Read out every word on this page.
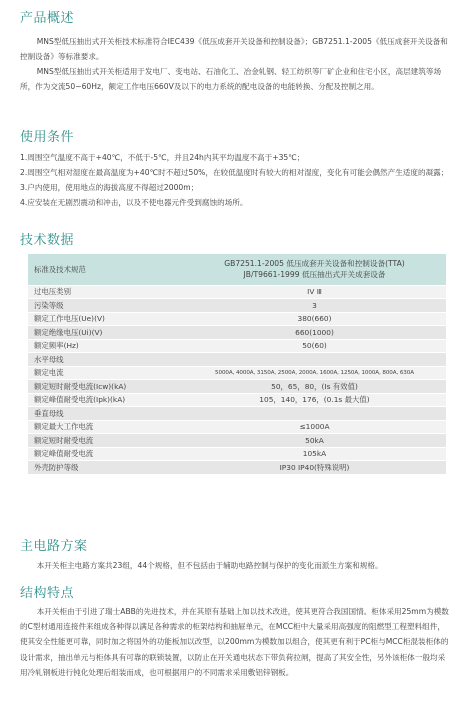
产品概述

MNS型低压抽出式开关柜技术标准符合IEC439《低压成套开关设备和控制设备》；GB7251.1-2005《低压成套开关设备和控制设备》等标准要求。

MNS型低压抽出式开关柜适用于发电厂、变电站、石油化工、冶金轧钢、轻工纺织等厂矿企业和住宅小区，高层建筑等场所，作为交流50~60Hz，额定工作电压660V及以下的电力系统的配电设备的电能转换、分配及控制之用。

使用条件

1.周围空气温度不高于+40℃，不低于-5℃，并且24h内其平均温度不高于+35℃；

2.周围空气相对湿度在最高温度为+40℃时不超过50%，在较低温度时有较大的相对湿度，变化有可能会偶然产生适度的凝露；

3.户内使用，使用地点的海拔高度不得超过2000m；

4.应安装在无剧烈震动和冲击，以及不使电器元件受到腐蚀的场所。

技术数据
标准及技术规范	GB7251.1-2005 低压成套开关设备和控制设备(TTA)
JB/T9661-1999 低压抽出式开关成套设备

过电压类别	IV Ⅲ
污染等级	3
额定工作电压(Ue)(V)	380(660)
额定绝缘电压(Ui)(V)	660(1000)
额定频率(Hz)	50(60)
水平母线	
额定电流	5000A, 4000A, 3150A, 2500A, 2000A, 1600A, 1250A, 1000A, 800A, 630A
额定短时耐受电流(Icw)(kA)	50，65，80，(Is 有效值)
额定峰值耐受电流(Ipk)(kA)	105，140，176，(0.1s 最大值)
垂直母线	
额定最大工作电流	≤1000A
额定短时耐受电流	50kA
额定峰值耐受电流	105kA
外壳防护等级	IP30 IP40(特殊说明)
主电路方案

本开关柜主电路方案共23组，44个规格，但不包括由于辅助电路控制与保护的变化而派生方案和规格。

结构特点

本开关柜由于引进了瑞士ABB的先进技术，并在其原有基础上加以技术改进，使其更符合我国国情。柜体采用25mm为模数的C型材通用连接件来组成各种得以满足各种需求的柜架结构和抽屉单元，在MCC柜中大量采用高强度的阻燃型工程塑料组件，使其安全性能更可靠，同时加之将国外的功能板加以改型，以200mm为模数加以组合，使其更有利于PC柜与MCC柜混装柜体的设计需求，抽出单元与柜体具有可靠的联锁装置，以防止在开关通电状态下带负荷拉闸，提高了其安全性，另外该柜体一般均采用冷轧钢板进行钝化处理后组装而成，也可根据用户的不同需求采用敷铝锌钢板。
